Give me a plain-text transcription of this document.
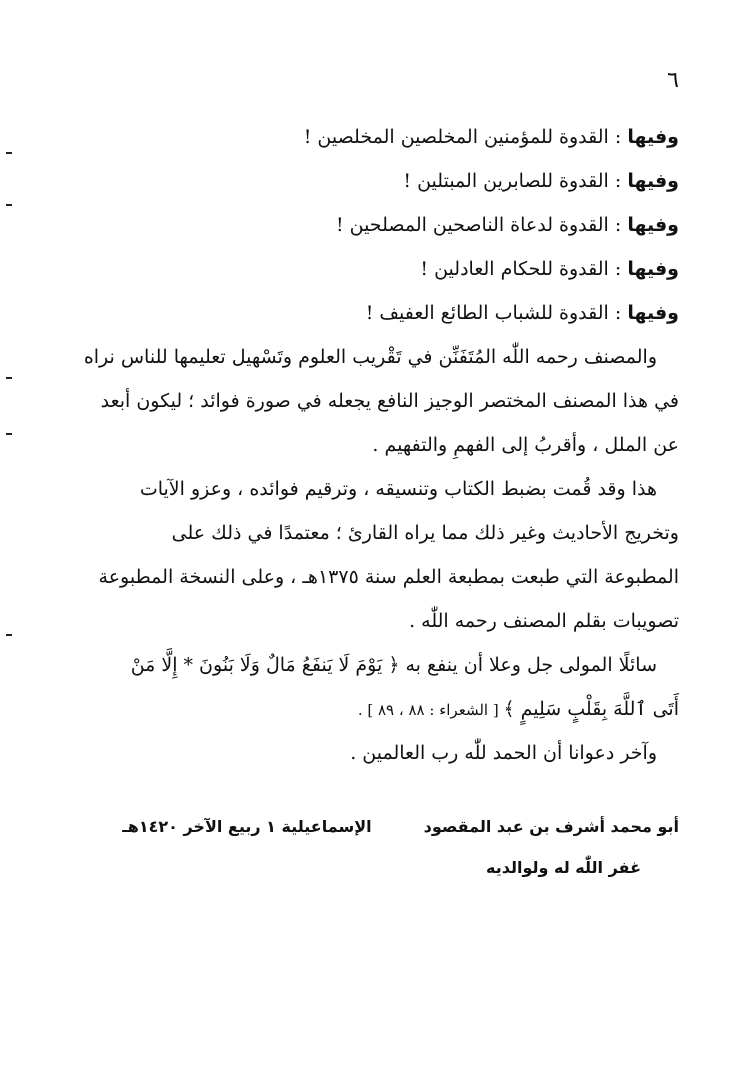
٦
وفيها : القدوة للمؤمنين المخلصين المخلصين !
وفيها : القدوة للصابرين المبتلين !
وفيها : القدوة لدعاة الناصحين المصلحين !
وفيها : القدوة للحكام العادلين !
وفيها : القدوة للشباب الطائع العفيف !
والمصنف رحمه اللّٰه المُتَفَنِّن في تَقْريب العلوم وتَسْهيل تعليمها للناس نراه
في هذا المصنف المختصر الوجيز النافع يجعله في صورة فوائد ؛ ليكون أبعد
عن الملل ، وأقربُ إلى الفهمِ والتفهيم .
هذا وقد قُمت بضبط الكتاب وتنسيقه ، وترقيم فوائده ، وعزو الآيات
وتخريج الأحاديث وغير ذلك مما يراه القارئ ؛ معتمدًا في ذلك على
المطبوعة التي طبعت بمطبعة العلم سنة ١٣٧٥هـ ، وعلى النسخة المطبوعة
تصويبات بقلم المصنف رحمه اللّٰه .
سائلًا المولى جل وعلا أن ينفع به ﴿ يَوْمَ لَا يَنفَعُ مَالٌ وَلَا بَنُونَ * إِلَّا مَنْ
أَتَى ٱللَّهَ بِقَلْبٍ سَلِيمٍ ﴾ [ الشعراء : ٨٨ ، ٨٩ ] .
وآخر دعوانا أن الحمد للّٰه رب العالمين .
أبو محمد أشرف بن عبد المقصودالإسماعيلية ١ ربيع الآخر ١٤٢٠هـ
غفر اللّٰه له ولوالديه
